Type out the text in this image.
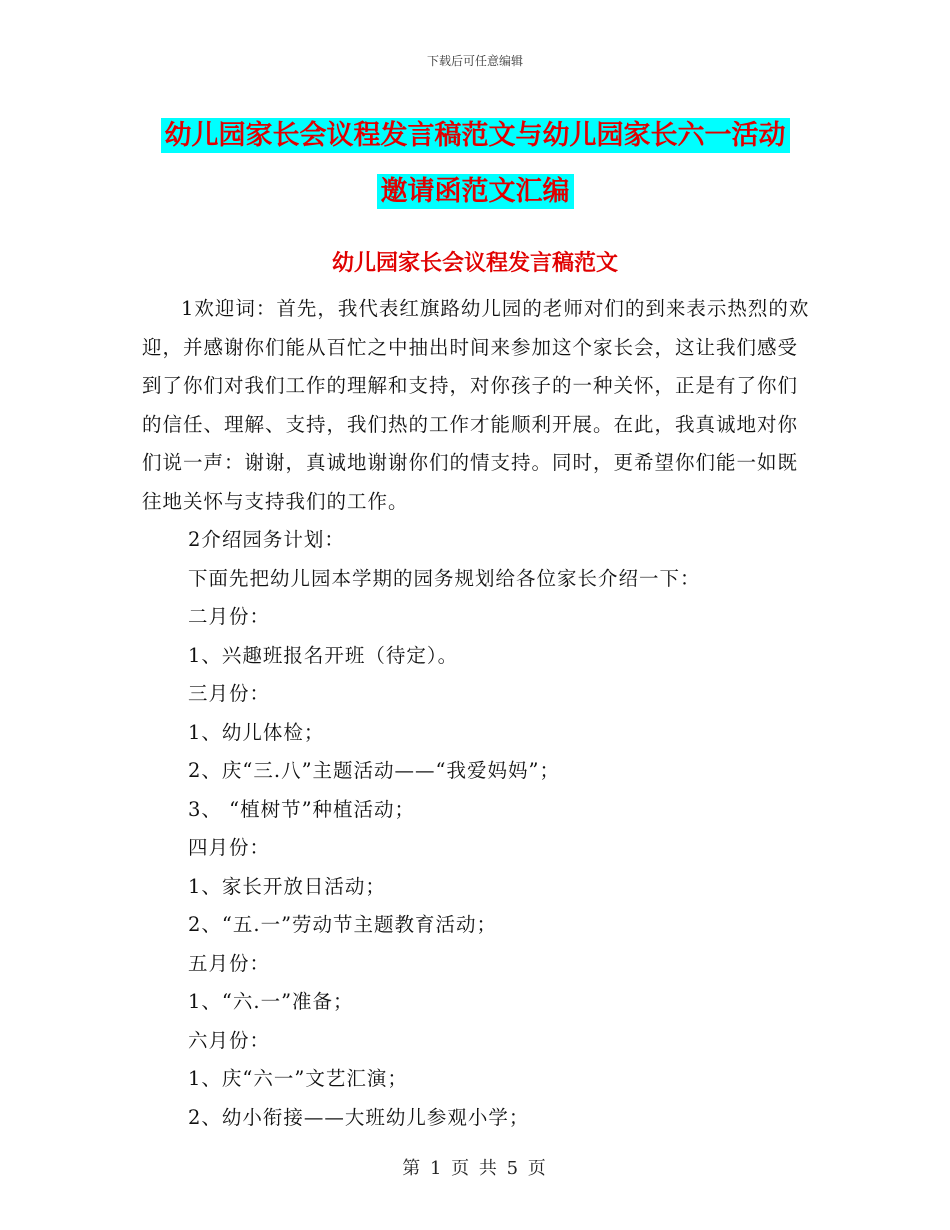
下载后可任意编辑
幼儿园家长会议程发言稿范文与幼儿园家长六一活动
邀请函范文汇编
幼儿园家长会议程发言稿范文

1欢迎词：首先，我代表红旗路幼儿园的老师对们的到来表示热烈的欢迎，并感谢你们能从百忙之中抽出时间来参加这个家长会，这让我们感受到了你们对我们工作的理解和支持，对你孩子的一种关怀，正是有了你们的信任、理解、支持，我们热的工作才能顺利开展。在此，我真诚地对你们说一声：谢谢，真诚地谢谢你们的情支持。同时，更希望你们能一如既往地关怀与支持我们的工作。

2介绍园务计划：

下面先把幼儿园本学期的园务规划给各位家长介绍一下：

二月份：

1、兴趣班报名开班（待定）。

三月份：

1、幼儿体检；

2、庆“三.八”主题活动——“我爱妈妈”；

3、 “植树节”种植活动；

四月份：

1、家长开放日活动；

2、“五.一”劳动节主题教育活动；

五月份：

1、“六.一”准备；

六月份：

1、庆“六一”文艺汇演；

2、幼小衔接——大班幼儿参观小学；

第 1 页 共 5 页
